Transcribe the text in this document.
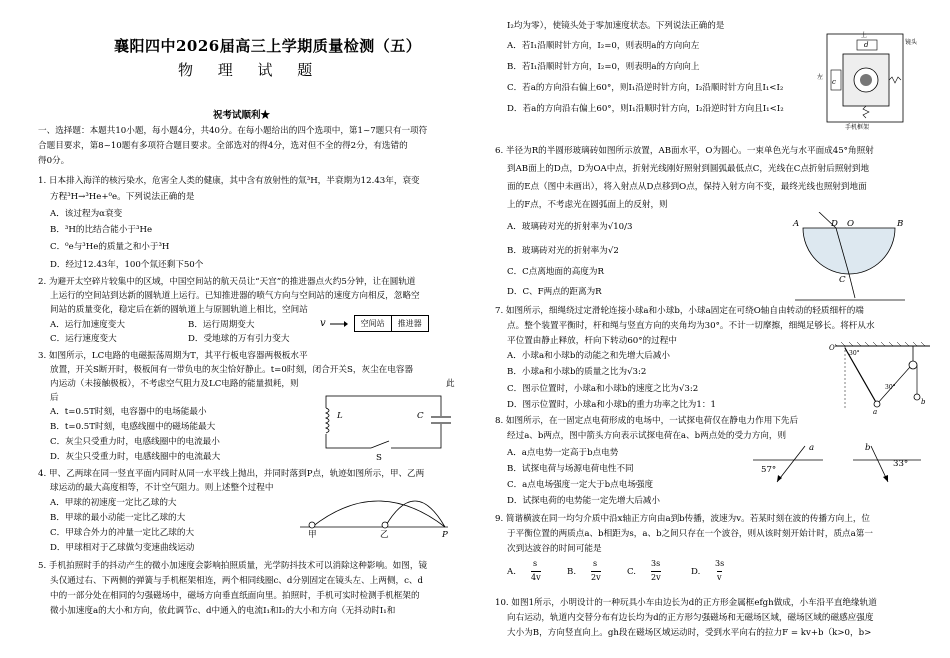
襄阳四中2026届高三上学期质量检测（五）
物 理 试 题
祝考试顺利★
一、选择题：本题共10小题，每小题4分，共40分。在每小题给出的四个选项中，第1~7题只有一项符
合题目要求，第8~10题有多项符合题目要求。全部选对的得4分，选对但不全的得2分，有选错的
得0分。
1. 日本排入海洋的核污染水，危害全人类的健康，其中含有放射性的氚³H，半衰期为12.43年，衰变
方程³H→³He+⁰e。下列说法正确的是
A．该过程为α衰变
B．³H的比结合能小于³He
C．⁰e与³He的质量之和小于³H
D．经过12.43年，100个氚还剩下50个
2. 为避开太空碎片较集中的区域，中国空间站的航天员让“天宫”的推进器点火约5分钟，让在圆轨道
上运行的空间站到达新的圆轨道上运行。已知推进器的喷气方向与空间站的速度方向相反，忽略空
间站的质量变化，稳定后在新的圆轨道上与原圆轨道上相比，空间站
A．运行加速度变大	B．运行周期变大
C．运行速度变大	D．受地球的万有引力变大
v	空间站	推进器
3. 如图所示，LC电路的电磁振荡周期为T，其平行板电容器两极板水平
放置，开关S断开时，极板间有一带负电的灰尘恰好静止。t=0时刻，闭合开关S，灰尘在电容器
内运动（未接触极板），不考虑空气阻力及LC电路的能量损耗，则	此
后
A．t=0.5T时刻，电容器中的电场能最小
B．t=0.5T时刻，电感线圈中的磁场能最大
C．灰尘只受重力时，电感线圈中的电流最小
D．灰尘只受重力时，电感线圈中的电流最大
L	C
S
4. 甲、乙两球在同一竖直平面内同时从同一水平线上抛出，并同时落到P点，轨迹如图所示，甲、乙两
球运动的最大高度相等，不计空气阻力。则上述整个过程中
A．甲球的初速度一定比乙球的大
B．甲球的最小动能一定比乙球的大
C．甲球合外力的冲量一定比乙球的大
D．甲球相对于乙球做匀变速曲线运动
甲	乙	P
5. 手机拍照时手的抖动产生的微小加速度会影响拍照质量，光学防抖技术可以消除这种影响。如图，镜
头仅通过右、下两侧的弹簧与手机框架相连，两个相同线圈c、d分别固定在镜头左、上两侧，c、d
中的一部分处在相同的匀强磁场中，磁场方向垂直纸面向里。拍照时，手机可实时检测手机框架的
微小加速度a的大小和方向，依此调节c、d中通入的电流I₁和I₂的大小和方向（无抖动时I₁和
I₂均为零），使镜头处于零加速度状态。下列说法正确的是
A．若I₁沿顺时针方向，I₂=0，则表明a的方向向左
B．若I₁沿顺时针方向，I₂=0，则表明a的方向向上
C．若a的方向沿右偏上60°，则I₁沿逆时针方向，I₂沿顺时针方向且I₁<I₂
D．若a的方向沿右偏上60°，则I₁沿顺时针方向，I₂沿逆时针方向且I₁<I₂
上
左
镜头
手机框架
c
d
6. 半径为R的半圆形玻璃砖如图所示放置，AB面水平，O为圆心。一束单色光与水平面成45°角照射
到AB面上的D点，D为OA中点，折射光线刚好照射到圆弧最低点C，光线在C点折射后照射到地
面的E点（图中未画出），将入射点从D点移到O点，保持入射方向不变，最终光线也照射到地面
上的F点，不考虑光在圆弧面上的反射，则
A．玻璃砖对光的折射率为√10/3
B．玻璃砖对光的折射率为√2
C．C点离地面的高度为R
D．C、F两点的距离为R
A	D O	B
C
7. 如图所示，细绳绕过定滑轮连接小球a和小球b，小球a固定在可绕O轴自由转动的轻质细杆的端
点。整个装置平衡时，杆和绳与竖直方向的夹角均为30°。不计一切摩擦，细绳足够长。将杆从水
平位置由静止释放，杆向下转动60°的过程中
A．小球a和小球b的动能之和先增大后减小
B．小球a和小球b的质量之比为√3:2
C．图示位置时，小球a和小球b的速度之比为√3:2
D．图示位置时，小球a和小球b的重力功率之比为1：1
O
30°
30°
a
b
8. 如图所示，在一固定点电荷形成的电场中，一试探电荷仅在静电力作用下先后
经过a、b两点，图中箭头方向表示试探电荷在a、b两点处的受力方向，则
A．a点电势一定高于b点电势
B．试探电荷与场源电荷电性不同
C．a点电场强度一定大于b点电场强度
D．试探电荷的电势能一定先增大后减小
a	b
57°
33°
9. 简谐横波在同一均匀介质中沿x轴正方向由a到b传播，波速为v。若某时刻在波的传播方向上，位
于平衡位置的两质点a、b相距为s，a、b之间只存在一个波谷，则从该时刻开始计时，质点a第一
次到达波谷的时间可能是
A.
s
4v
B.
s
2v
C.
3s
2v
D.
3s
v
10. 如图1所示，小明设计的一种玩具小车由边长为d的正方形金属框efgh做成，小车沿平直绝缘轨道
向右运动，轨道内交替分布有边长均为d的正方形匀强磁场和无磁场区域，磁场区域的磁感应强度
大小为B，方向竖直向上。gh段在磁场区域运动时，受到水平向右的拉力F = kv+b（k>0，b>
